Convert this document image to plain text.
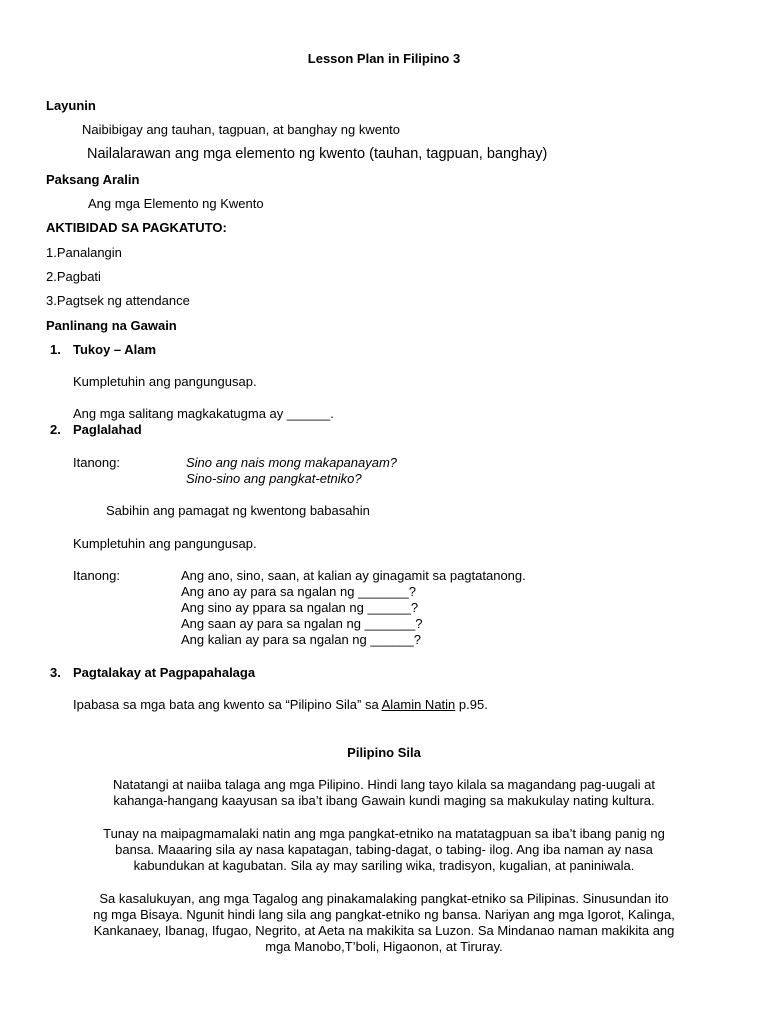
Lesson Plan in Filipino 3
Layunin
Naibibigay ang tauhan, tagpuan, at banghay ng kwento
Nailalarawan ang mga elemento ng kwento (tauhan, tagpuan, banghay)
Paksang Aralin
Ang mga Elemento ng Kwento
AKTIBIDAD SA PAGKATUTO:
1.Panalangin
2.Pagbati
3.Pagtsek ng attendance
Panlinang na Gawain
1. Tukoy – Alam
Kumpletuhin ang pangungusap.
Ang mga salitang magkakatugma ay ______.
2. Paglalahad
Itanong:	Sino ang nais mong makapanayam?
Sino-sino ang pangkat-etniko?
Sabihin ang pamagat ng kwentong babasahin
Kumpletuhin ang pangungusap.
Itanong:	Ang ano, sino, saan, at kalian ay ginagamit sa pagtatanong.
Ang ano ay para sa ngalan ng _______?
Ang sino ay ppara sa ngalan ng ______?
Ang saan ay para sa ngalan ng _______?
Ang kalian ay para sa ngalan ng ______?
3. Pagtalakay at Pagpapahalaga
Ipabasa sa mga bata ang kwento sa “Pilipino Sila” sa Alamin Natin p.95.
Pilipino Sila
Natatangi at naiiba talaga ang mga Pilipino. Hindi lang tayo kilala sa magandang pag-uugali at
kahanga-hangang kaayusan sa iba’t ibang Gawain kundi maging sa makukulay nating kultura.
Tunay na maipagmamalaki natin ang mga pangkat-etniko na matatagpuan sa iba’t ibang panig ng
bansa. Maaaring sila ay nasa kapatagan, tabing-dagat, o tabing- ilog. Ang iba naman ay nasa
kabundukan at kagubatan. Sila ay may sariling wika, tradisyon, kugalian, at paniniwala.
Sa kasalukuyan, ang mga Tagalog ang pinakamalaking pangkat-etniko sa Pilipinas. Sinusundan ito
ng mga Bisaya. Ngunit hindi lang sila ang pangkat-etniko ng bansa. Nariyan ang mga Igorot, Kalinga,
Kankanaey, Ibanag, Ifugao, Negrito, at Aeta na makikita sa Luzon. Sa Mindanao naman makikita ang
mga Manobo,T’boli, Higaonon, at Tiruray.
